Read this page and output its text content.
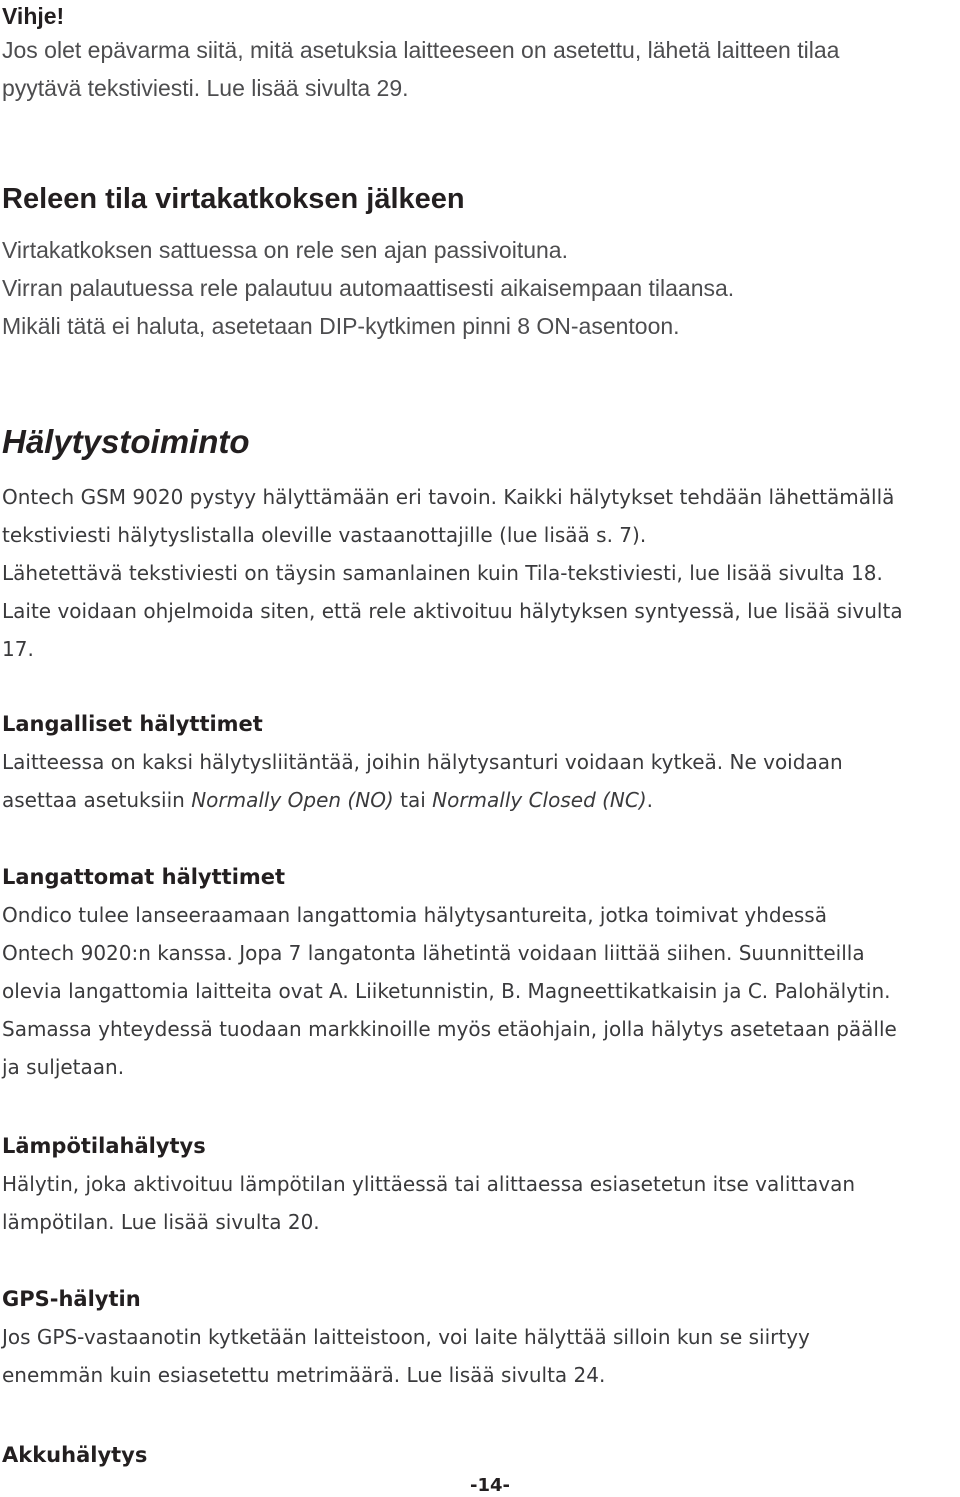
Vihje!
Jos olet epävarma siitä, mitä asetuksia laitteeseen on asetettu, lähetä laitteen tilaa
pyytävä tekstiviesti. Lue lisää sivulta 29.
Releen tila virtakatkoksen jälkeen
Virtakatkoksen sattuessa on rele sen ajan passivoituna.
Virran palautuessa rele palautuu automaattisesti aikaisempaan tilaansa.
Mikäli tätä ei haluta, asetetaan DIP-kytkimen pinni 8 ON-asentoon.
Hälytystoiminto
Ontech GSM 9020 pystyy hälyttämään eri tavoin. Kaikki hälytykset tehdään lähettämällä
tekstiviesti hälytyslistalla oleville vastaanottajille (lue lisää s. 7).
Lähetettävä tekstiviesti on täysin samanlainen kuin Tila-tekstiviesti, lue lisää sivulta 18.
Laite voidaan ohjelmoida siten, että rele aktivoituu hälytyksen syntyessä, lue lisää sivulta
17.
Langalliset hälyttimet
Laitteessa on kaksi hälytysliitäntää, joihin hälytysanturi voidaan kytkeä. Ne voidaan
asettaa asetuksiin Normally Open (NO) tai Normally Closed (NC).
Langattomat hälyttimet
Ondico tulee lanseeraamaan langattomia hälytysantureita, jotka toimivat yhdessä
Ontech 9020:n kanssa. Jopa 7 langatonta lähetintä voidaan liittää siihen. Suunnitteilla
olevia langattomia laitteita ovat A. Liiketunnistin, B. Magneettikatkaisin ja C. Palohälytin.
Samassa yhteydessä tuodaan markkinoille myös etäohjain, jolla hälytys asetetaan päälle
ja suljetaan.
Lämpötilahälytys
Hälytin, joka aktivoituu lämpötilan ylittäessä tai alittaessa esiasetetun itse valittavan
lämpötilan. Lue lisää sivulta 20.
GPS-hälytin
Jos GPS-vastaanotin kytketään laitteistoon, voi laite hälyttää silloin kun se siirtyy
enemmän kuin esiasetettu metrimäärä. Lue lisää sivulta 24.
Akkuhälytys
-14-
